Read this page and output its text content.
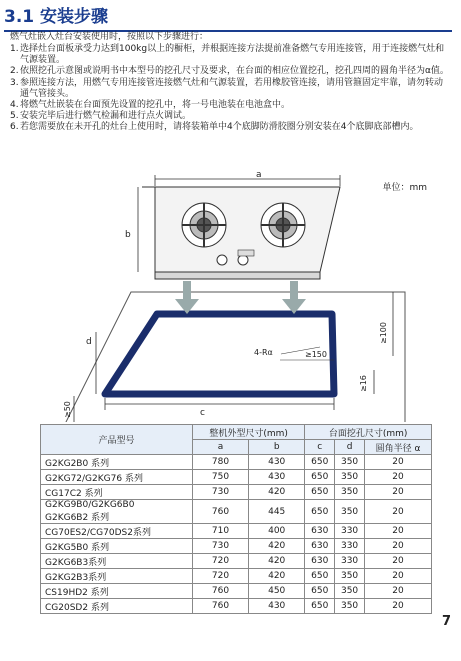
3.1 安装步骤
燃气灶嵌入灶台安装使用时，按照以下步骤进行：
1. 选择灶台面板承受力达到100kg以上的橱柜，并根据连接方法提前准备燃气专用连接管，用于连接燃气灶和气源装置。
2. 依照挖孔示意图或说明书中本型号的挖孔尺寸及要求，在台面的相应位置挖孔，挖孔四周的圆角半径为α值。
3. 参照连接方法，用燃气专用连接管连接燃气灶和气源装置，若用橡胶管连接，请用管箍固定牢靠，请勿转动通气管接头。
4. 将燃气灶嵌装在台面预先设置的挖孔中，将一号电池装在电池盒中。
5. 安装完毕后进行燃气检漏和进行点火调试。
6. 若您需要放在未开孔的灶台上使用时，请将装箱单中4个底脚防滑胶圈分别安装在4个底脚底部槽内。
单位：mm
a
b
d
c
4-Rα	≥150
≥100
≥16
≥50
产品型号	整机外型尺寸(mm)		台面挖孔尺寸(mm)		
	a	b	c	d	圆角半径 α
G2KG2B0 系列	780	430	650	350	20
G2KG72/G2KG76 系列	750	430	650	350	20
CG17C2 系列	730	420	650	350	20
G2KG9B0/G2KG6B0
G2KG6B2 系列	760	445	650	350	20
CG70ES2/CG70DS2系列	710	400	630	330	20
G2KG5B0 系列	730	420	630	330	20
G2KG6B3系列	720	420	630	330	20
G2KG2B3系列	720	420	650	350	20
CS19HD2 系列	760	450	650	350	20
CG20SD2 系列	760	430	650	350	20
7
